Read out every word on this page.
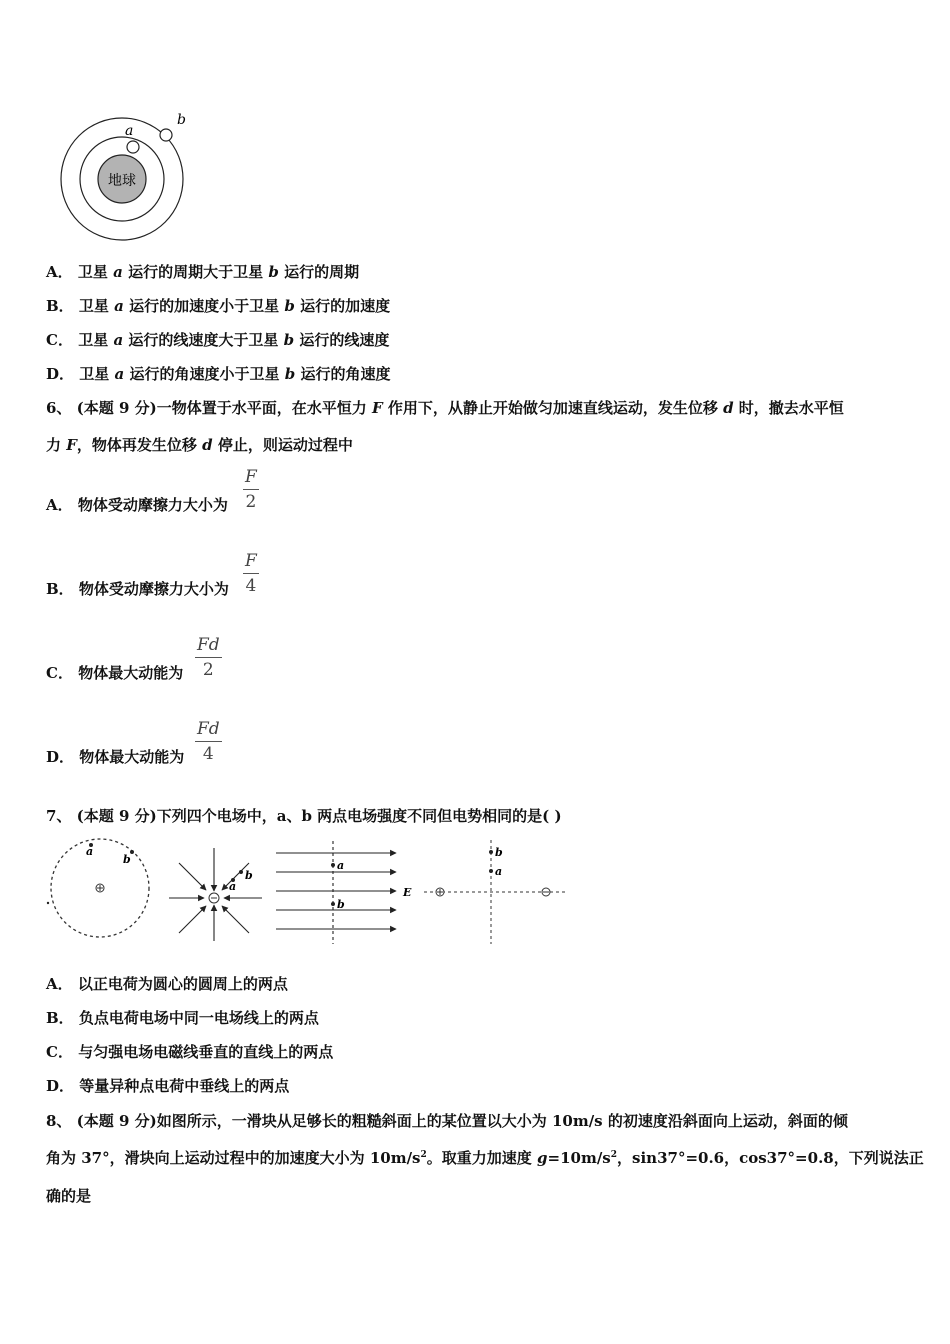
地球
a
b
A． 卫星 a 运行的周期大于卫星 b 运行的周期
B． 卫星 a 运行的加速度小于卫星 b 运行的加速度
C． 卫星 a 运行的线速度大于卫星 b 运行的线速度
D． 卫星 a 运行的角速度小于卫星 b 运行的角速度
6、 (本题 9 分)一物体置于水平面，在水平恒力 F 作用下，从静止开始做匀加速直线运动，发生位移 d 时，撤去水平恒
力 F，物体再发生位移 d 停止，则运动过程中
A． 物体受动摩擦力大小为
F
2
B． 物体受动摩擦力大小为
F
4
C． 物体最大动能为
Fd
2
D． 物体最大动能为
Fd
4
7、 (本题 9 分)下列四个电场中，a、b 两点电场强度不同但电势相同的是( )
a
b
a
b
a
b
E
b
a
A． 以正电荷为圆心的圆周上的两点
B． 负点电荷电场中同一电场线上的两点
C． 与匀强电场电磁线垂直的直线上的两点
D． 等量异种点电荷中垂线上的两点
8、 (本题 9 分)如图所示，一滑块从足够长的粗糙斜面上的某位置以大小为 10m/s 的初速度沿斜面向上运动，斜面的倾
角为 37°，滑块向上运动过程中的加速度大小为 $10m/s^2$。取重力加速度 $g=10m/s^2$，sin37°=0.6，cos37°=0.8，下列说法正
确的是
